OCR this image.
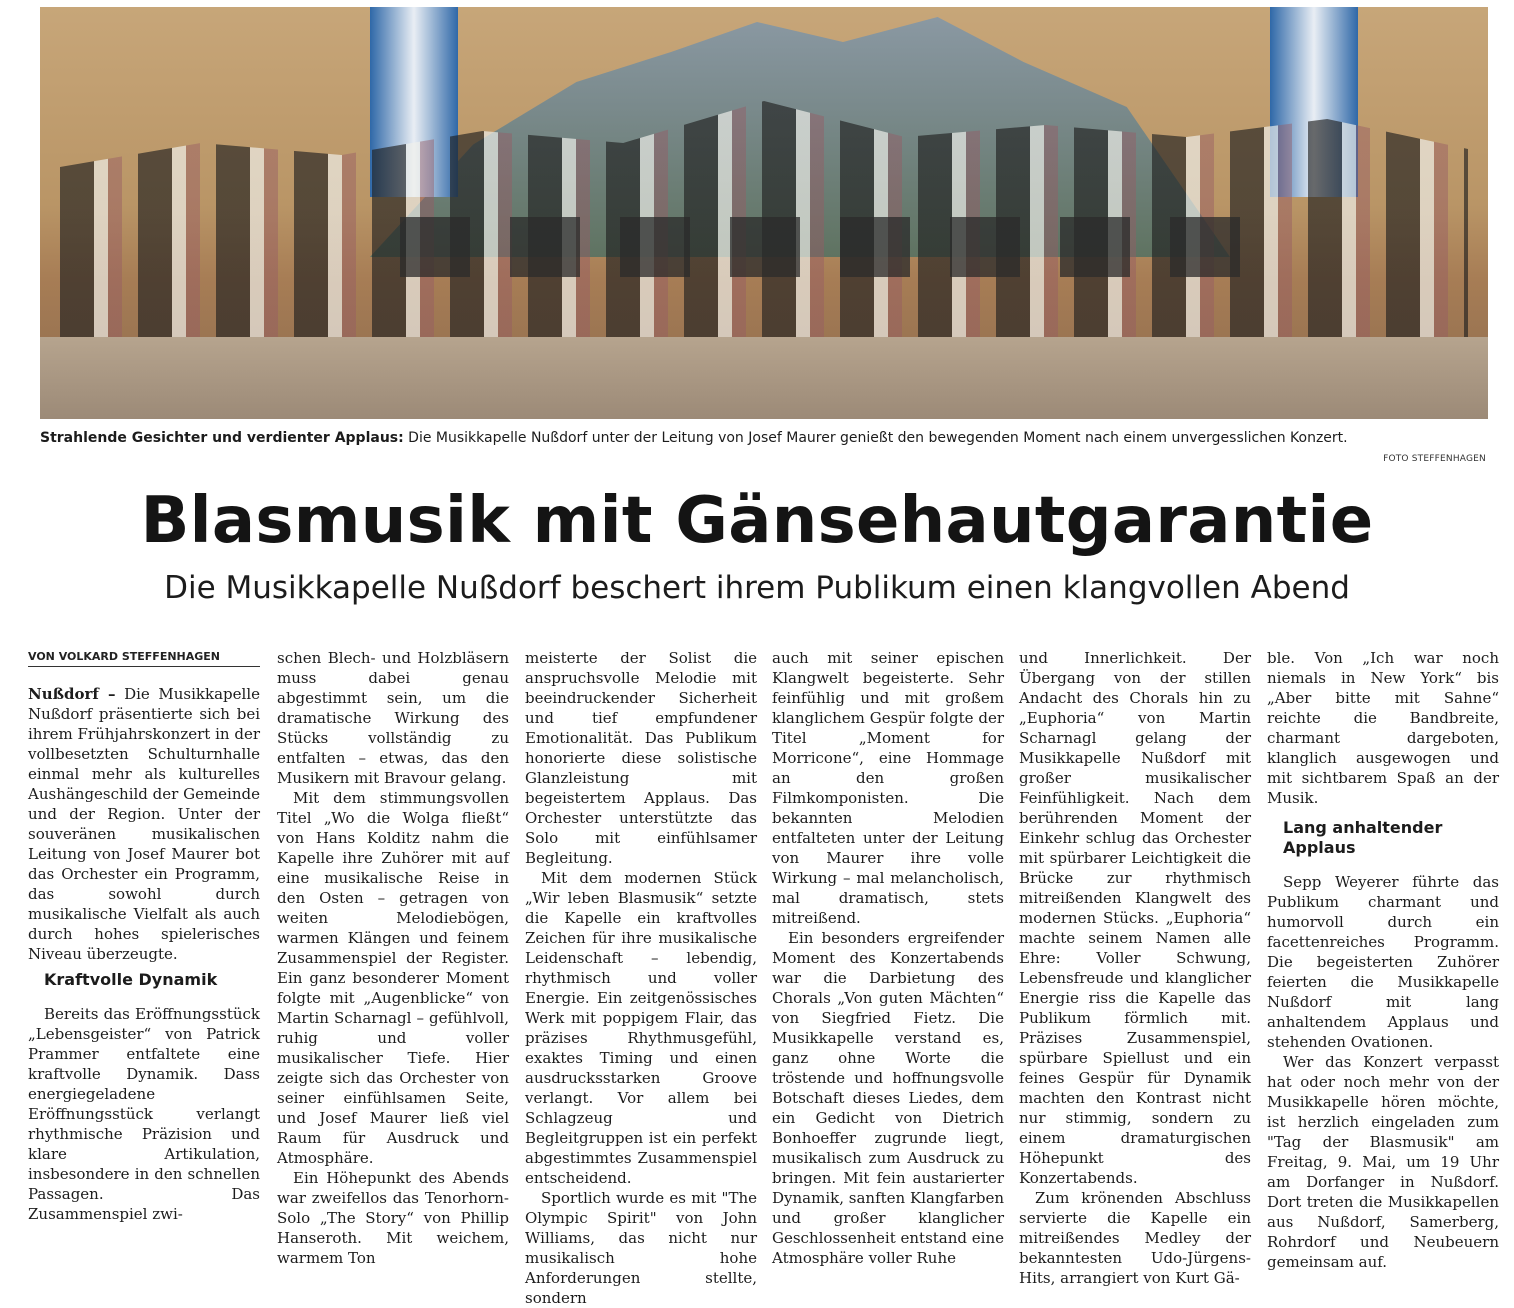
Strahlende Gesichter und verdienter Applaus: Die Musikkapelle Nußdorf unter der Leitung von Josef Maurer genießt den bewegenden Moment nach einem unvergesslichen Konzert.
FOTO STEFFENHAGEN
Blasmusik mit Gänsehautgarantie
Die Musikkapelle Nußdorf beschert ihrem Publikum einen klangvollen Abend
VON VOLKARD STEFFENHAGEN

Nußdorf – Die Musikkapelle Nußdorf präsentierte sich bei ihrem Frühjahrskonzert in der vollbesetzten Schulturnhalle einmal mehr als kulturelles Aushängeschild der Gemeinde und der Region. Unter der souveränen musikalischen Leitung von Josef Maurer bot das Orchester ein Programm, das sowohl durch musikalische Vielfalt als auch durch hohes spielerisches Niveau überzeugte.

Kraftvolle Dynamik

Bereits das Eröffnungsstück „Lebensgeister“ von Patrick Prammer entfaltete eine kraftvolle Dynamik. Dass energiegeladene Eröffnungsstück verlangt rhythmische Präzision und klare Artikulation, insbesondere in den schnellen Passagen. Das Zusammenspiel zwi-

schen Blech- und Holzbläsern muss dabei genau abgestimmt sein, um die dramatische Wirkung des Stücks vollständig zu entfalten – etwas, das den Musikern mit Bravour gelang.

Mit dem stimmungsvollen Titel „Wo die Wolga fließt“ von Hans Kolditz nahm die Kapelle ihre Zuhörer mit auf eine musikalische Reise in den Osten – getragen von weiten Melodiebögen, warmen Klängen und feinem Zusammenspiel der Register. Ein ganz besonderer Moment folgte mit „Augenblicke“ von Martin Scharnagl – gefühlvoll, ruhig und voller musikalischer Tiefe. Hier zeigte sich das Orchester von seiner einfühlsamen Seite, und Josef Maurer ließ viel Raum für Ausdruck und Atmosphäre.

Ein Höhepunkt des Abends war zweifellos das Tenorhorn-Solo „The Story“ von Phillip Hanseroth. Mit weichem, warmem Ton

meisterte der Solist die anspruchsvolle Melodie mit beeindruckender Sicherheit und tief empfundener Emotionalität. Das Publikum honorierte diese solistische Glanzleistung mit begeistertem Applaus. Das Orchester unterstützte das Solo mit einfühlsamer Begleitung.

Mit dem modernen Stück „Wir leben Blasmusik“ setzte die Kapelle ein kraftvolles Zeichen für ihre musikalische Leidenschaft – lebendig, rhythmisch und voller Energie. Ein zeitgenössisches Werk mit poppigem Flair, das präzises Rhythmusgefühl, exaktes Timing und einen ausdrucksstarken Groove verlangt. Vor allem bei Schlagzeug und Begleitgruppen ist ein perfekt abgestimmtes Zusammenspiel entscheidend.

Sportlich wurde es mit "The Olympic Spirit" von John Williams, das nicht nur musikalisch hohe Anforderungen stellte, sondern

auch mit seiner epischen Klangwelt begeisterte. Sehr feinfühlig und mit großem klanglichem Gespür folgte der Titel „Moment for Morricone“, eine Hommage an den großen Filmkomponisten. Die bekannten Melodien entfalteten unter der Leitung von Maurer ihre volle Wirkung – mal melancholisch, mal dramatisch, stets mitreißend.

Ein besonders ergreifender Moment des Konzertabends war die Darbietung des Chorals „Von guten Mächten“ von Siegfried Fietz. Die Musikkapelle verstand es, ganz ohne Worte die tröstende und hoffnungsvolle Botschaft dieses Liedes, dem ein Gedicht von Dietrich Bonhoeffer zugrunde liegt, musikalisch zum Ausdruck zu bringen. Mit fein austarierter Dynamik, sanften Klangfarben und großer klanglicher Geschlossenheit entstand eine Atmosphäre voller Ruhe

und Innerlichkeit. Der Übergang von der stillen Andacht des Chorals hin zu „Euphoria“ von Martin Scharnagl gelang der Musikkapelle Nußdorf mit großer musikalischer Feinfühligkeit. Nach dem berührenden Moment der Einkehr schlug das Orchester mit spürbarer Leichtigkeit die Brücke zur rhythmisch mitreißenden Klangwelt des modernen Stücks. „Euphoria“ machte seinem Namen alle Ehre: Voller Schwung, Lebensfreude und klanglicher Energie riss die Kapelle das Publikum förmlich mit. Präzises Zusammenspiel, spürbare Spiellust und ein feines Gespür für Dynamik machten den Kontrast nicht nur stimmig, sondern zu einem dramaturgischen Höhepunkt des Konzertabends.

Zum krönenden Abschluss servierte die Kapelle ein mitreißendes Medley der bekanntesten Udo-Jürgens-Hits, arrangiert von Kurt Gä-

ble. Von „Ich war noch niemals in New York“ bis „Aber bitte mit Sahne“ reichte die Bandbreite, charmant dargeboten, klanglich ausgewogen und mit sichtbarem Spaß an der Musik.

Lang anhaltender Applaus

Sepp Weyerer führte das Publikum charmant und humorvoll durch ein facettenreiches Programm. Die begeisterten Zuhörer feierten die Musikkapelle Nußdorf mit lang anhaltendem Applaus und stehenden Ovationen.

Wer das Konzert verpasst hat oder noch mehr von der Musikkapelle hören möchte, ist herzlich eingeladen zum "Tag der Blasmusik" am Freitag, 9. Mai, um 19 Uhr am Dorfanger in Nußdorf. Dort treten die Musikkapellen aus Nußdorf, Samerberg, Rohrdorf und Neubeuern gemeinsam auf.
